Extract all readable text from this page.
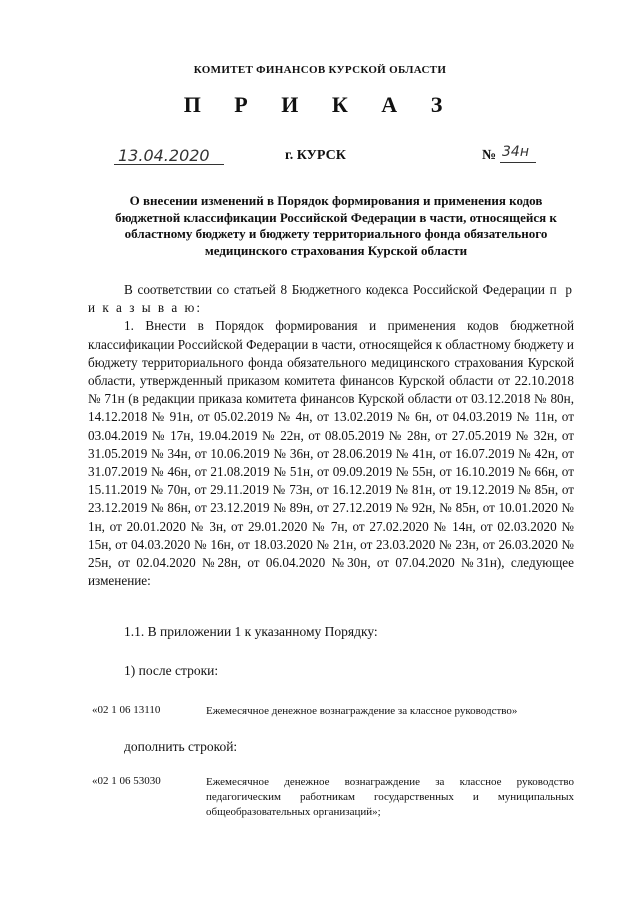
КОМИТЕТ ФИНАНСОВ КУРСКОЙ ОБЛАСТИ
П Р И К А З
13.04.2020	г. КУРСК	№ 34н
О внесении изменений в Порядок формирования и применения кодов бюджетной классификации Российской Федерации в части, относящейся к областному бюджету и бюджету территориального фонда обязательного медицинского страхования Курской области

В соответствии со статьей 8 Бюджетного кодекса Российской Федерации п р и к а з ы в а ю:

1. Внести в Порядок формирования и применения кодов бюджетной классификации Российской Федерации в части, относящейся к областному бюджету и бюджету территориального фонда обязательного медицинского страхования Курской области, утвержденный приказом комитета финансов Курской области от 22.10.2018 № 71н (в редакции приказа комитета финансов Курской области от 03.12.2018 № 80н, 14.12.2018 № 91н, от 05.02.2019 № 4н, от 13.02.2019 № 6н, от 04.03.2019 № 11н, от 03.04.2019 № 17н, 19.04.2019 № 22н, от 08.05.2019 № 28н, от 27.05.2019 № 32н, от 31.05.2019 № 34н, от 10.06.2019 № 36н, от 28.06.2019 № 41н, от 16.07.2019 № 42н, от 31.07.2019 № 46н, от 21.08.2019 № 51н, от 09.09.2019 № 55н, от 16.10.2019 № 66н, от 15.11.2019 № 70н, от 29.11.2019 № 73н, от 16.12.2019 № 81н, от 19.12.2019 № 85н, от 23.12.2019 № 86н, от 23.12.2019 № 89н, от 27.12.2019 № 92н, № 85н, от 10.01.2020 № 1н, от 20.01.2020 № 3н, от 29.01.2020 № 7н, от 27.02.2020 № 14н, от 02.03.2020 № 15н, от 04.03.2020 № 16н, от 18.03.2020 № 21н, от 23.03.2020 № 23н, от 26.03.2020 № 25н, от 02.04.2020 №28н, от 06.04.2020 №30н, от 07.04.2020 №31н), следующее изменение:

1.1. В приложении 1 к указанному Порядку:
1) после строки:
«02 1 06 13110	Ежемесячное денежное вознаграждение за классное руководство»
дополнить строкой:
«02 1 06 53030	Ежемесячное денежное вознаграждение за классное руководство педагогическим работникам государственных и муниципальных общеобразовательных организаций»;
